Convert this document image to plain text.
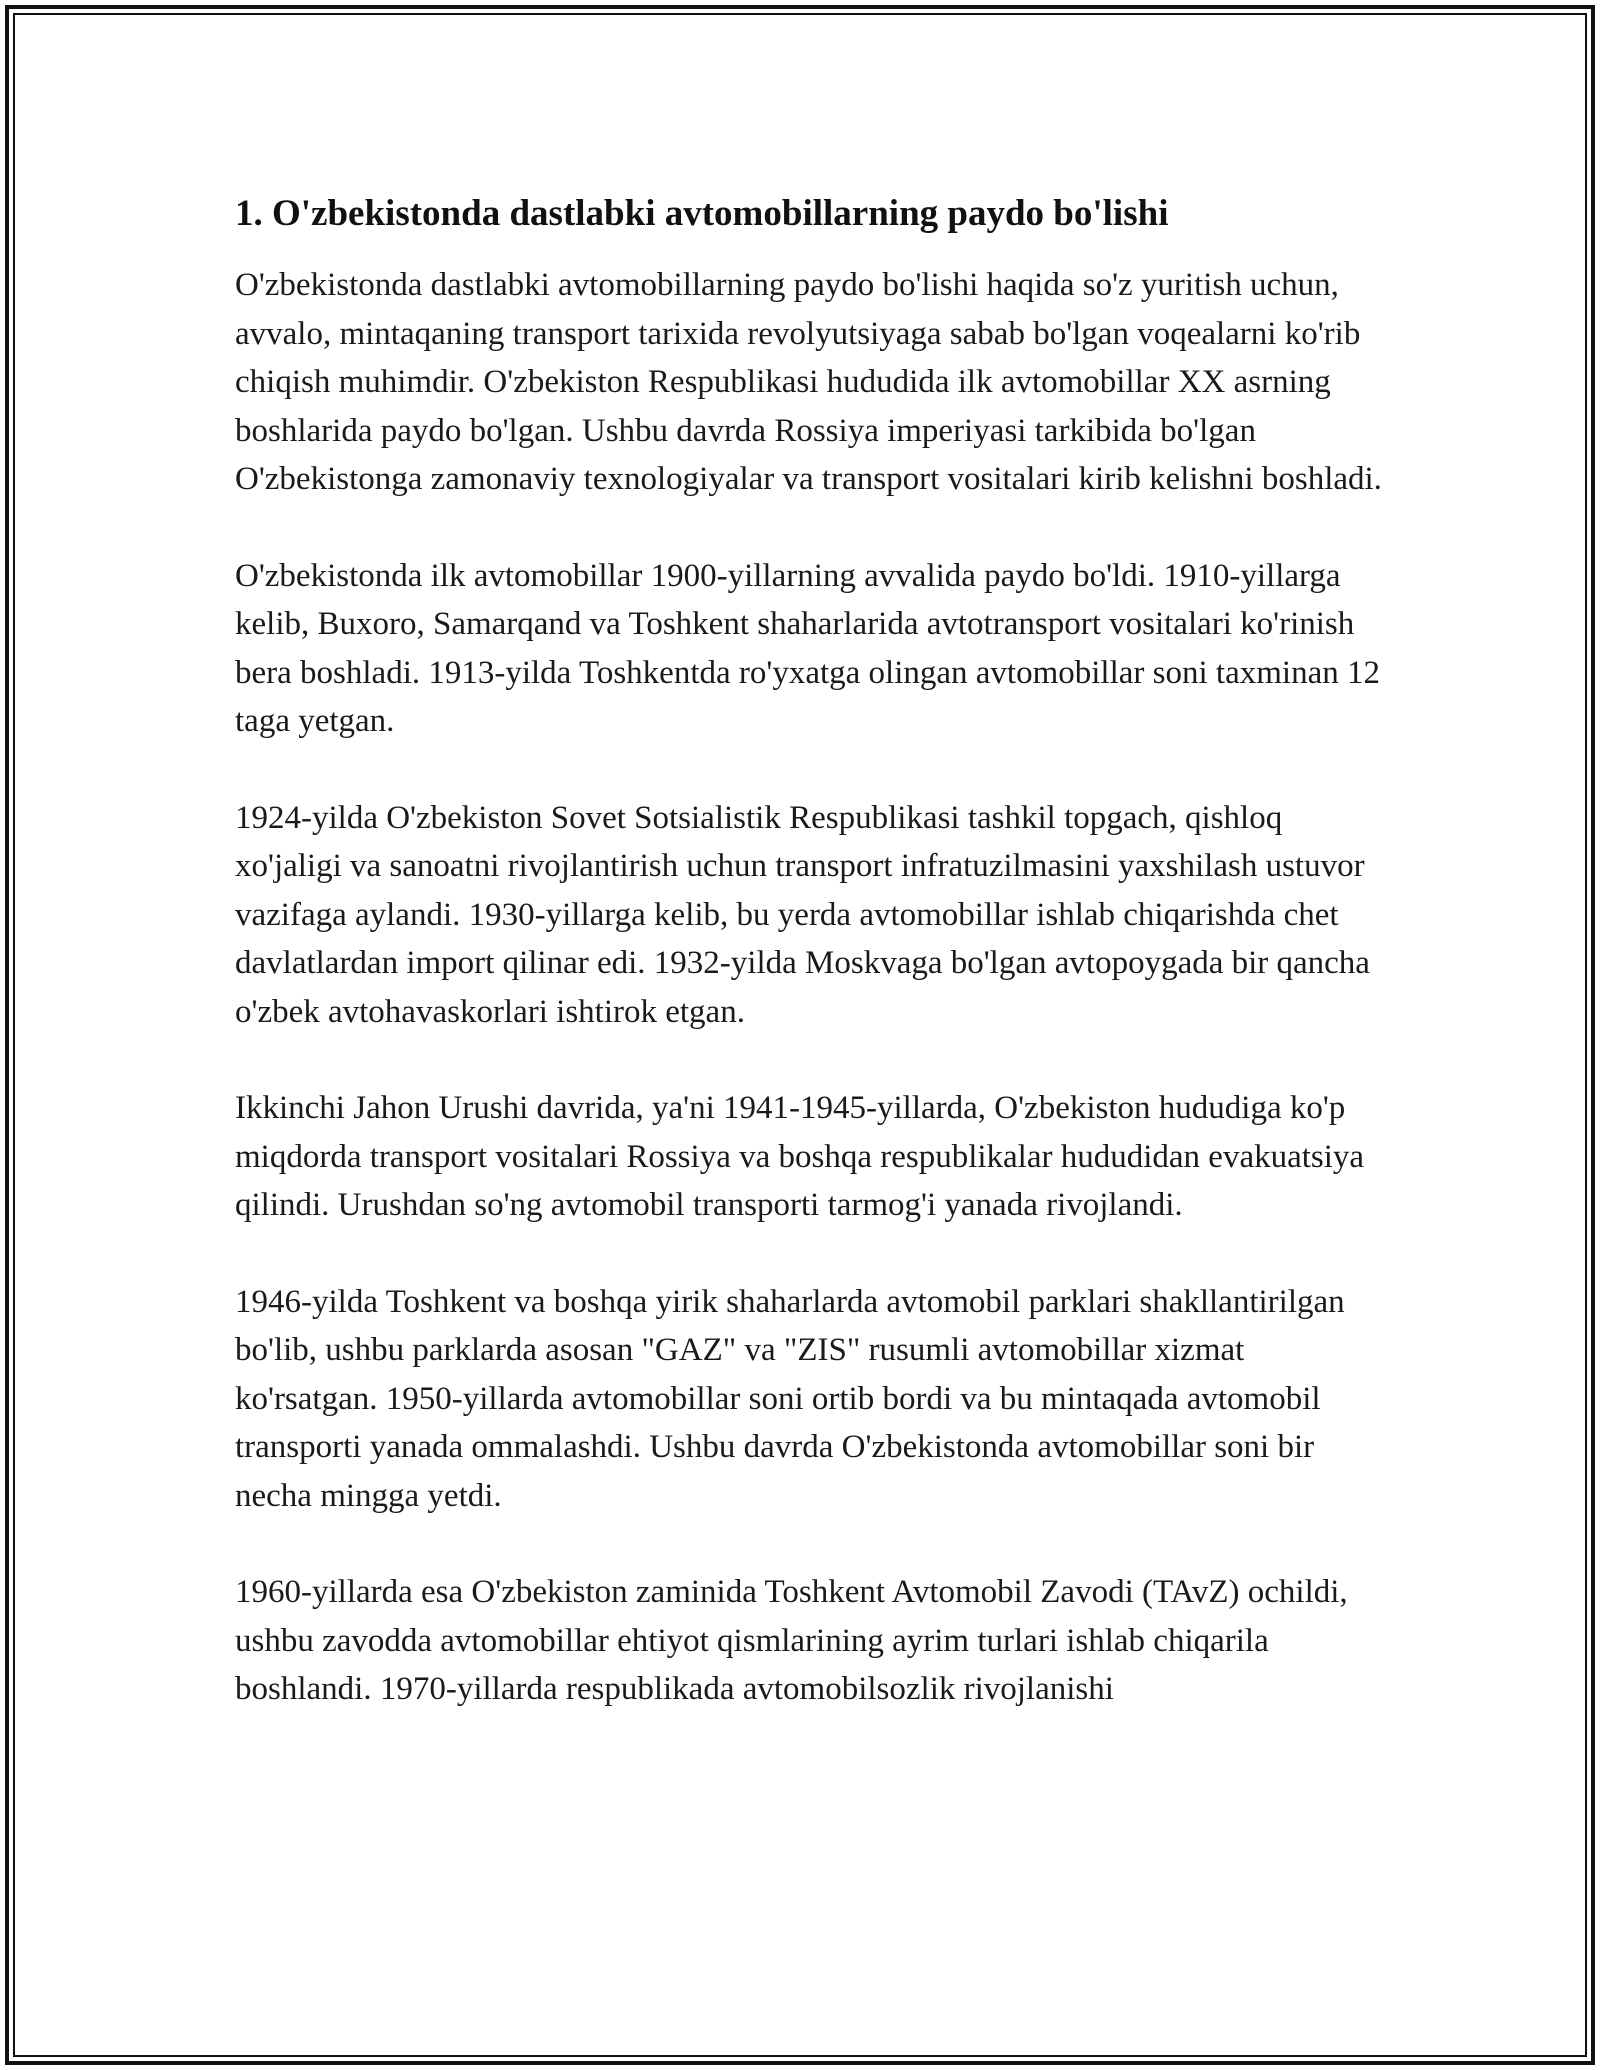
1. O'zbekistonda dastlabki avtomobillarning paydo bo'lishi

O'zbekistonda dastlabki avtomobillarning paydo bo'lishi haqida so'z yuritish uchun, avvalo, mintaqaning transport tarixida revolyutsiyaga sabab bo'lgan voqealarni ko'rib chiqish muhimdir. O'zbekiston Respublikasi hududida ilk avtomobillar XX asrning boshlarida paydo bo'lgan. Ushbu davrda Rossiya imperiyasi tarkibida bo'lgan O'zbekistonga zamonaviy texnologiyalar va transport vositalari kirib kelishni boshladi.

O'zbekistonda ilk avtomobillar 1900-yillarning avvalida paydo bo'ldi. 1910-yillarga kelib, Buxoro, Samarqand va Toshkent shaharlarida avtotransport vositalari ko'rinish bera boshladi. 1913-yilda Toshkentda ro'yxatga olingan avtomobillar soni taxminan 12 taga yetgan.

1924-yilda O'zbekiston Sovet Sotsialistik Respublikasi tashkil topgach, qishloq xo'jaligi va sanoatni rivojlantirish uchun transport infratuzilmasini yaxshilash ustuvor vazifaga aylandi. 1930-yillarga kelib, bu yerda avtomobillar ishlab chiqarishda chet davlatlardan import qilinar edi. 1932-yilda Moskvaga bo'lgan avtopoygada bir qancha o'zbek avtohavaskorlari ishtirok etgan.

Ikkinchi Jahon Urushi davrida, ya'ni 1941-1945-yillarda, O'zbekiston hududiga ko'p miqdorda transport vositalari Rossiya va boshqa respublikalar hududidan evakuatsiya qilindi. Urushdan so'ng avtomobil transporti tarmog'i yanada rivojlandi.

1946-yilda Toshkent va boshqa yirik shaharlarda avtomobil parklari shakllantirilgan bo'lib, ushbu parklarda asosan "GAZ" va "ZIS" rusumli avtomobillar xizmat ko'rsatgan. 1950-yillarda avtomobillar soni ortib bordi va bu mintaqada avtomobil transporti yanada ommalashdi. Ushbu davrda O'zbekistonda avtomobillar soni bir necha mingga yetdi.

1960-yillarda esa O'zbekiston zaminida Toshkent Avtomobil Zavodi (TAvZ) ochildi, ushbu zavodda avtomobillar ehtiyot qismlarining ayrim turlari ishlab chiqarila boshlandi. 1970-yillarda respublikada avtomobilsozlik rivojlanishi
